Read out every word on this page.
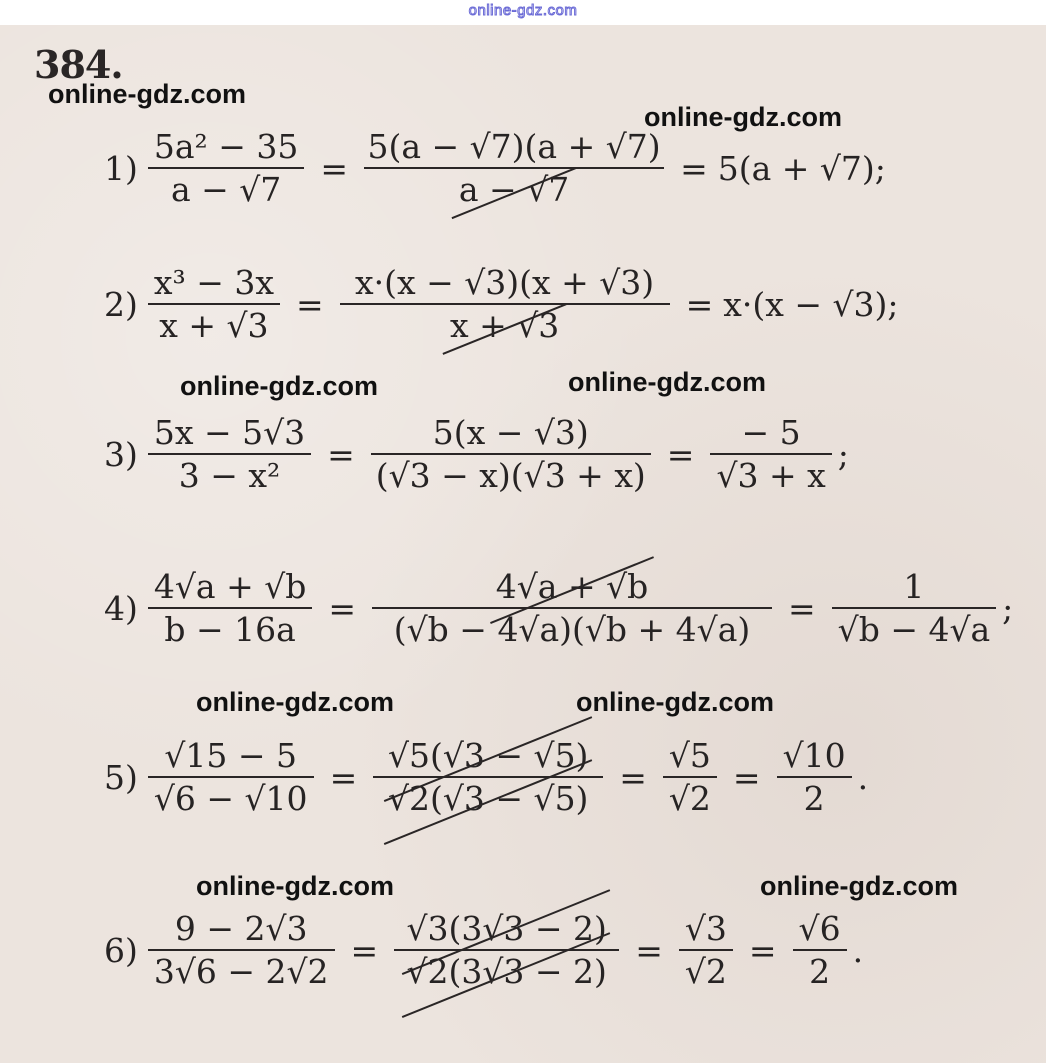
online-gdz.com
384.
online-gdz.com
online-gdz.com
online-gdz.com	online-gdz.com
online-gdz.com	online-gdz.com
online-gdz.com	online-gdz.com
$1) \frac{\text{5a² − 35}}{a - √7} = \frac{5(a - √7)(a + √7)}{a - √7} = 5(a + √7)$;
$2) \frac{\text{x³ − 3x}}{x + √3} = \frac{x\cdot(x - √3)(x + √3)}{x + √3} = x\cdot(x - √3)$;
$3) \frac{5x - 5√3}{\text{3 − x²}} = \frac{5(x - √3)}{(√3 - x)(√3 + x)} = \frac{- 5}{√3 + x}$ ;
$4) \frac{4√a + √b}{b - 16a} = \frac{4√a + √b}{(√b - 4√a)(√b + 4√a)} = \frac{1}{√b - 4√a}$ ;
$5) \frac{√15 - 5}{√6 - √10} = \frac{√5(√3 - √5)}{√2(√3 - √5)} = \frac{√5}{√2} = \frac{√10}{2}$ .
$6) \frac{9 - 2√3}{3√6 - 2√2} = \frac{√3(3√3 - 2)}{√2(3√3 - 2)} = \frac{√3}{√2} = \frac{√6}{2}$ .
